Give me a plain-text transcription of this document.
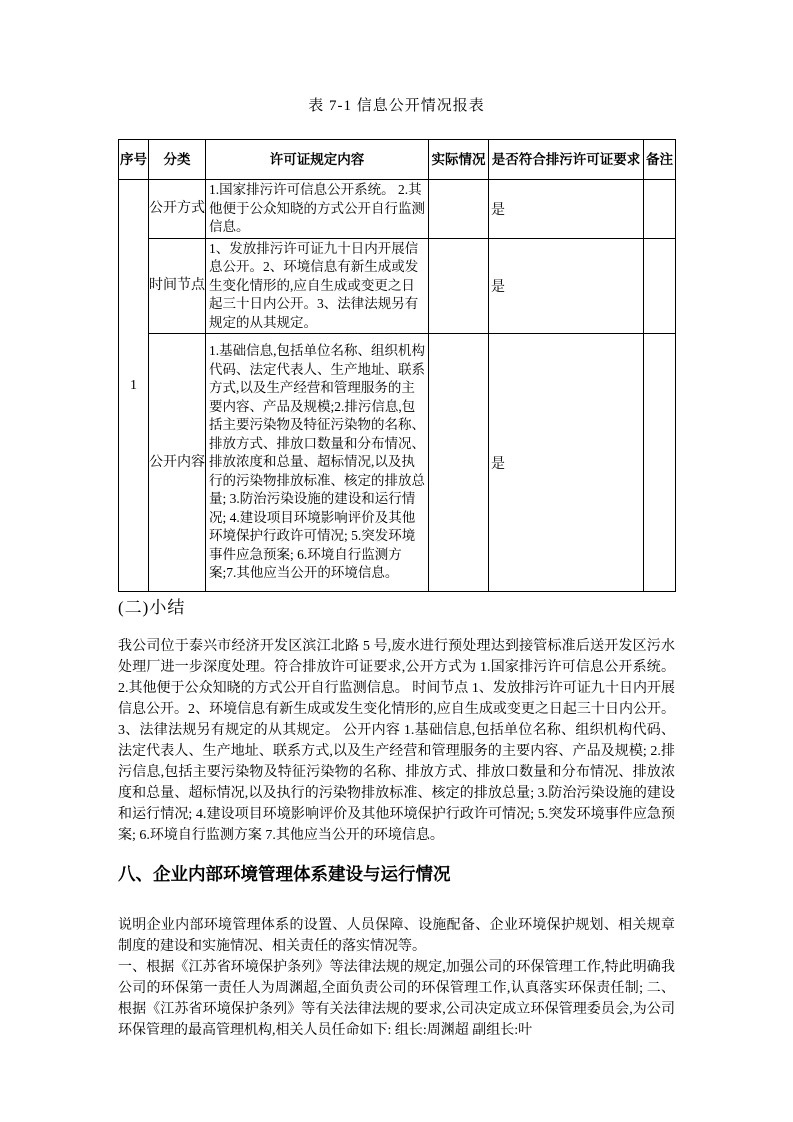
表 7-1 信息公开情况报表
序号	分类	许可证规定内容	实际情况	是否符合排污许可证要求	备注
1	公开方式	1.国家排污许可信息公开系统。 2.其他便于公众知晓的方式公开自行监测信息。		是	
	时间节点	1、发放排污许可证九十日内开展信息公开。2、环境信息有新生成或发生变化情形的,应自生成或变更之日起三十日内公开。3、法律法规另有规定的从其规定。		是	
	公开内容	1.基础信息,包括单位名称、组织机构代码、法定代表人、生产地址、联系方式,以及生产经营和管理服务的主要内容、产品及规模;2.排污信息,包括主要污染物及特征污染物的名称、排放方式、排放口数量和分布情况、排放浓度和总量、超标情况,以及执行的污染物排放标准、核定的排放总量; 3.防治污染设施的建设和运行情况; 4.建设项目环境影响评价及其他环境保护行政许可情况; 5.突发环境事件应急预案; 6.环境自行监测方案;7.其他应当公开的环境信息。		是	
(二)小结
我公司位于泰兴市经济开发区滨江北路 5 号,废水进行预处理达到接管标准后送开发区污水处理厂进一步深度处理。符合排放许可证要求,公开方式为 1.国家排污许可信息公开系统。 2.其他便于公众知晓的方式公开自行监测信息。 时间节点 1、发放排污许可证九十日内开展信息公开。2、环境信息有新生成或发生变化情形的,应自生成或变更之日起三十日内公开。3、法律法规另有规定的从其规定。 公开内容 1.基础信息,包括单位名称、组织机构代码、法定代表人、生产地址、联系方式,以及生产经营和管理服务的主要内容、产品及规模; 2.排污信息,包括主要污染物及特征污染物的名称、排放方式、排放口数量和分布情况、排放浓度和总量、超标情况,以及执行的污染物排放标准、核定的排放总量; 3.防治污染设施的建设和运行情况; 4.建设项目环境影响评价及其他环境保护行政许可情况; 5.突发环境事件应急预案; 6.环境自行监测方案 7.其他应当公开的环境信息。
八、企业内部环境管理体系建设与运行情况

说明企业内部环境管理体系的设置、人员保障、设施配备、企业环境保护规划、相关规章制度的建设和实施情况、相关责任的落实情况等。

一、根据《江苏省环境保护条列》等法律法规的规定,加强公司的环保管理工作,特此明确我公司的环保第一责任人为周渊超,全面负责公司的环保管理工作,认真落实环保责任制; 二、根据《江苏省环境保护条列》等有关法律法规的要求,公司决定成立环保管理委员会,为公司环保管理的最高管理机构,相关人员任命如下: 组长:周渊超 副组长:叶
